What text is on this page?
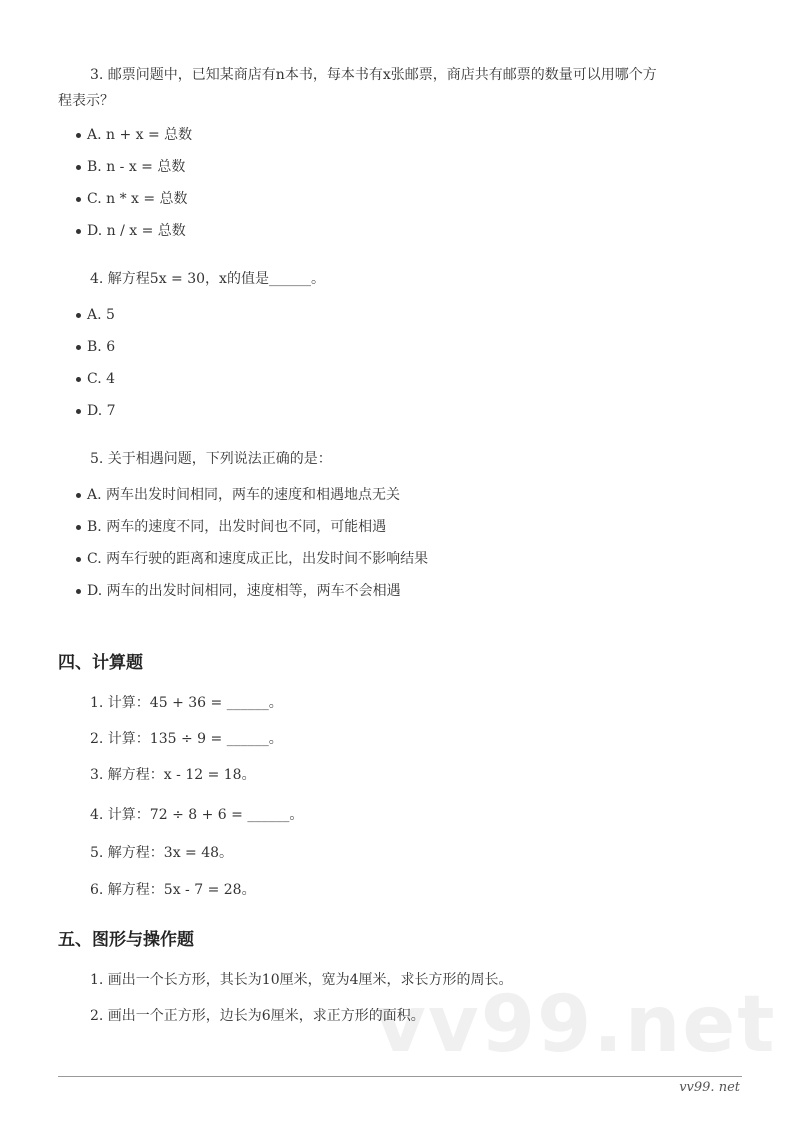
vv99.net
3. 邮票问题中，已知某商店有n本书，每本书有x张邮票，商店共有邮票的数量可以用哪个方
程表示？
A. n + x = 总数
B. n - x = 总数
C. n * x = 总数
D. n / x = 总数
4. 解方程5x = 30，x的值是______。
A. 5
B. 6
C. 4
D. 7
5. 关于相遇问题，下列说法正确的是：
A. 两车出发时间相同，两车的速度和相遇地点无关
B. 两车的速度不同，出发时间也不同，可能相遇
C. 两车行驶的距离和速度成正比，出发时间不影响结果
D. 两车的出发时间相同，速度相等，两车不会相遇
四、计算题
1. 计算：45 + 36 = ______。
2. 计算：135 ÷ 9 = ______。
3. 解方程：x - 12 = 18。
4. 计算：72 ÷ 8 + 6 = ______。
5. 解方程：3x = 48。
6. 解方程：5x - 7 = 28。
五、图形与操作题
1. 画出一个长方形，其长为10厘米，宽为4厘米，求长方形的周长。
2. 画出一个正方形，边长为6厘米，求正方形的面积。
vv99. net
